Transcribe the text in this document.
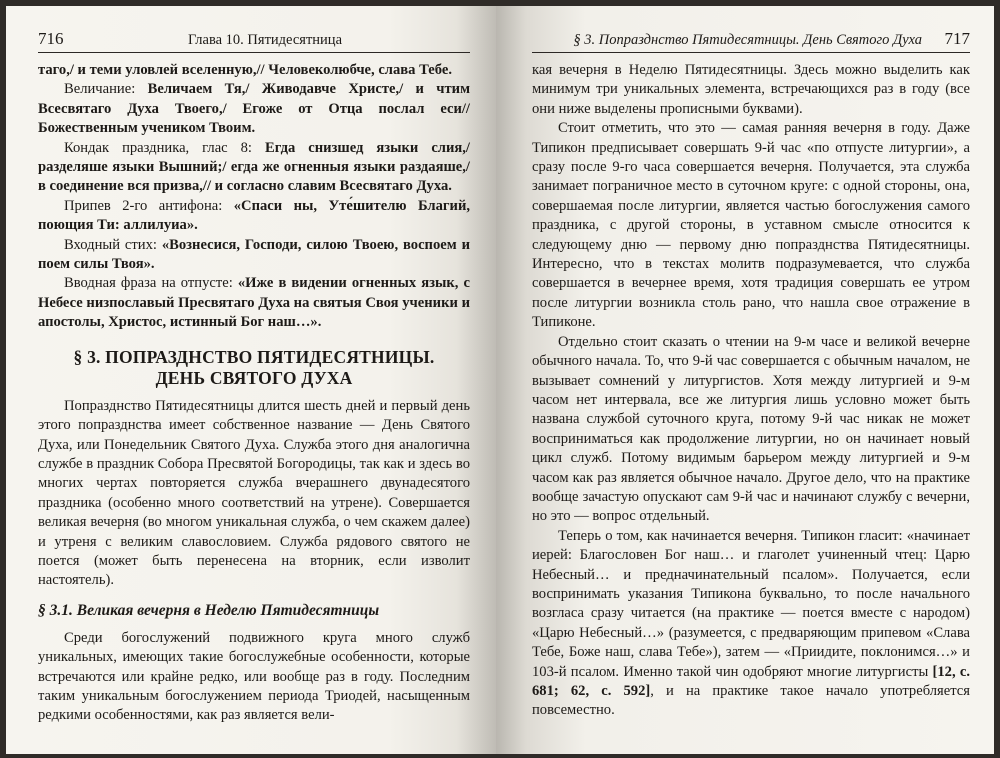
716	Глава 10. Пятидесятница

таго,/ и теми уловлей вселенную,// Человеколюбче, слава Тебе.

Величание: Величаем Тя,/ Живодавче Христе,/ и чтим Всесвятаго Духа Твоего,/ Егоже от Отца послал еси// Божественным учеником Твоим.

Кондак праздника, глас 8: Егда снизшед языки слия,/ разделяше языки Вышний;/ егда же огненныя языки раздаяше,/ в соединение вся призва,// и согласно славим Всесвятаго Духа.

Припев 2-го антифона: «Спаси ны, Уте́шителю Благий, поющия Ти: аллилуиа».

Входный стих: «Вознесися, Господи, силою Твоею, воспоем и поем силы Твоя».

Вводная фраза на отпусте: «Иже в видении огненных язык, с Небесе низпославый Пресвятаго Духа на святыя Своя ученики и апостолы, Христос, истинный Бог наш…».

§ 3. ПОПРАЗДНСТВО ПЯТИДЕСЯТНИЦЫ.
ДЕНЬ СВЯТОГО ДУХА

Попразднство Пятидесятницы длится шесть дней и первый день этого попразднства имеет собственное название — День Святого Духа, или Понедельник Святого Духа. Служба этого дня аналогична службе в праздник Собора Пресвятой Богородицы, так как и здесь во многих чертах повторяется служба вчерашнего двунадесятого праздника (особенно много соответствий на утрене). Совершается великая вечерня (во многом уникальная служба, о чем скажем далее) и утреня с великим славословием. Служба рядового святого не поется (может быть перенесена на вторник, если изволит настоятель).

§ 3.1. Великая вечерня в Неделю Пятидесятницы

Среди богослужений подвижного круга много служб уникальных, имеющих такие богослужебные особенности, которые встречаются или крайне редко, или вообще раз в году. Последним таким уникальным богослужением периода Триодей, насыщенным редкими особенностями, как раз является вели-

§ 3. Попразднство Пятидесятницы. День Святого Духа 717

кая вечерня в Неделю Пятидесятницы. Здесь можно выделить как минимум три уникальных элемента, встречающихся раз в году (все они ниже выделены прописными буквами).

Стоит отметить, что это — самая ранняя вечерня в году. Даже Типикон предписывает совершать 9-й час «по отпусте литургии», а сразу после 9-го часа совершается вечерня. Получается, эта служба занимает пограничное место в суточном круге: с одной стороны, она, совершаемая после литургии, является частью богослужения самого праздника, с другой стороны, в уставном смысле относится к следующему дню — первому дню попразднства Пятидесятницы. Интересно, что в текстах молитв подразумевается, что служба совершается в вечернее время, хотя традиция совершать ее утром после литургии возникла столь рано, что нашла свое отражение в Типиконе.

Отдельно стоит сказать о чтении на 9-м часе и великой вечерне обычного начала. То, что 9-й час совершается с обычным началом, не вызывает сомнений у литургистов. Хотя между литургией и 9-м часом нет интервала, все же литургия лишь условно может быть названа службой суточного круга, потому 9-й час никак не может восприниматься как продолжение литургии, но он начинает новый цикл служб. Потому видимым барьером между литургией и 9-м часом как раз является обычное начало. Другое дело, что на практике вообще зачастую опускают сам 9-й час и начинают службу с вечерни, но это — вопрос отдельный.

Теперь о том, как начинается вечерня. Типикон гласит: «начинает иерей: Благословен Бог наш… и глаголет учиненный чтец: Царю Небесный… и предначинательный псалом». Получается, если воспринимать указания Типикона буквально, то после начального возгласа сразу читается (на практике — поется вместе с народом) «Царю Небесный…» (разумеется, с предваряющим припевом «Слава Тебе, Боже наш, слава Тебе»), затем — «Приидите, поклонимся…» и 103-й псалом. Именно такой чин одобряют многие литургисты [12, с. 681; 62, с. 592], и на практике такое начало употребляется повсеместно.
